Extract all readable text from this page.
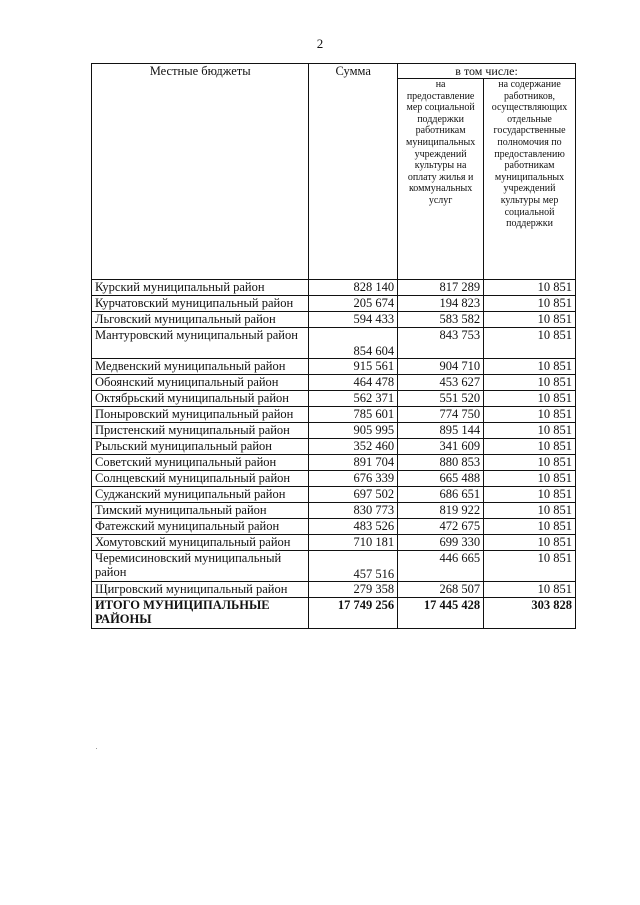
2
Местные бюджеты	Сумма	в том числе:	
		на предоставление мер социальной поддержки работникам муниципальных учреждений культуры на оплату жилья и коммунальных услуг	на содержание работников, осуществляющих отдельные государственные полномочия по предоставлению работникам муниципальных учреждений культуры мер социальной поддержки
Курский муниципальный район	828 140	817 289	10 851
Курчатовский муниципальный район	205 674	194 823	10 851
Льговский муниципальный район	594 433	583 582	10 851
Мантуровский муниципальный район	854 604	843 753	10 851
Медвенский муниципальный район	915 561	904 710	10 851
Обоянский муниципальный район	464 478	453 627	10 851
Октябрьский муниципальный район	562 371	551 520	10 851
Поныровский муниципальный район	785 601	774 750	10 851
Пристенский муниципальный район	905 995	895 144	10 851
Рыльский муниципальный район	352 460	341 609	10 851
Советский муниципальный район	891 704	880 853	10 851
Солнцевский муниципальный район	676 339	665 488	10 851
Суджанский муниципальный район	697 502	686 651	10 851
Тимский муниципальный район	830 773	819 922	10 851
Фатежский муниципальный район	483 526	472 675	10 851
Хомутовский муниципальный район	710 181	699 330	10 851
Черемисиновский муниципальный район	457 516	446 665	10 851
Щигровский муниципальный район	279 358	268 507	10 851
ИТОГО МУНИЦИПАЛЬНЫЕ РАЙОНЫ	17 749 256	17 445 428	303 828
